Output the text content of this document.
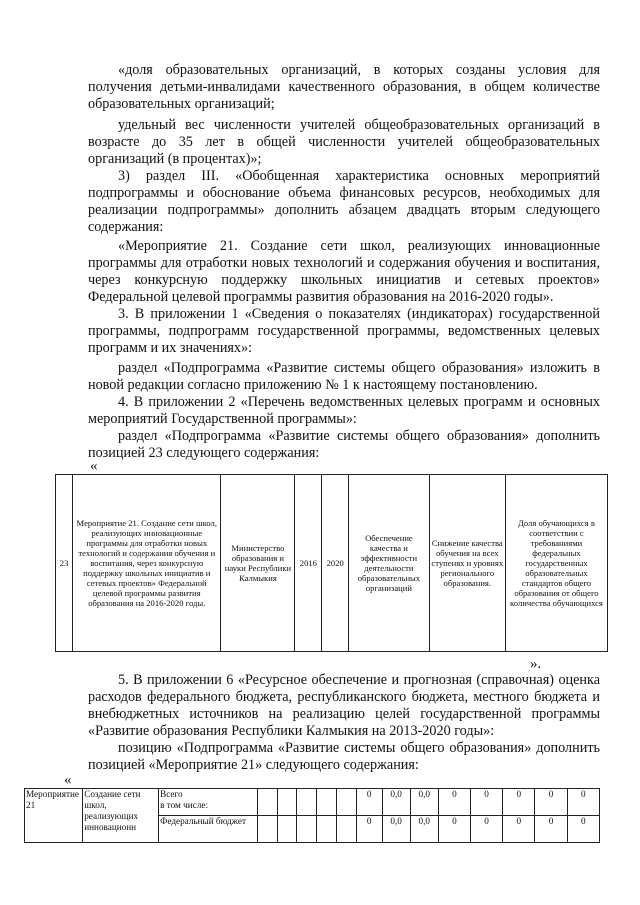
«доля образовательных организаций, в которых созданы условия для получения детьми-инвалидами качественного образования, в общем количестве образовательных организаций;
удельный вес численности учителей общеобразовательных организаций в возрасте до 35 лет в общей численности учителей общеобразовательных организаций (в процентах)»;
3) раздел III. «Обобщенная характеристика основных мероприятий подпрограммы и обоснование объема финансовых ресурсов, необходимых для реализации подпрограммы» дополнить абзацем двадцать вторым следующего содержания:
«Мероприятие 21. Создание сети школ, реализующих инновационные программы для отработки новых технологий и содержания обучения и воспитания, через конкурсную поддержку школьных инициатив и сетевых проектов» Федеральной целевой программы развития образования на 2016-2020 годы».
3. В приложении 1 «Сведения о показателях (индикаторах) государственной программы, подпрограмм государственной программы, ведомственных целевых программ и их значениях»:
раздел «Подпрограмма «Развитие системы общего образования» изложить в новой редакции согласно приложению № 1 к настоящему постановлению.
4. В приложении 2 «Перечень ведомственных целевых программ и основных мероприятий Государственной программы»:
раздел «Подпрограмма «Развитие системы общего образования» дополнить позицией 23 следующего содержания:
«
23	Мероприятие 21. Создание сети школ, реализующих инновационные программы для отработки новых технологий и содержания обучения и воспитания, через конкурсную поддержку школьных инициатив и сетевых проектов» Федеральной целевой программы развития образования на 2016-2020 годы.	Министерство образования и науки Республики Калмыкия	2016	2020	Обеспечение качества и эффективности деятельности образовательных организаций	Снижение качества обучения на всех ступенях и уровнях регионального образования.	Доля обучающихся в соответствии с требованиями федеральных государственных образовательных стандартов общего образования от общего количества обучающихся
».
5. В приложении 6 «Ресурсное обеспечение и прогнозная (справочная) оценка расходов федерального бюджета, республиканского бюджета, местного бюджета и внебюджетных источников на реализацию целей государственной программы «Развитие образования Республики Калмыкия на 2013-2020 годы»:
позицию «Подпрограмма «Развитие системы общего образования» дополнить позицией «Мероприятие 21» следующего содержания:
«
Мероприятие 21	Создание сети школ, реализующих инновационн	Всего
в том числе:						0	0,0	0,0	0	0	0	0	0
		Федеральный бюджет						0	0,0	0,0	0	0	0	0	0
